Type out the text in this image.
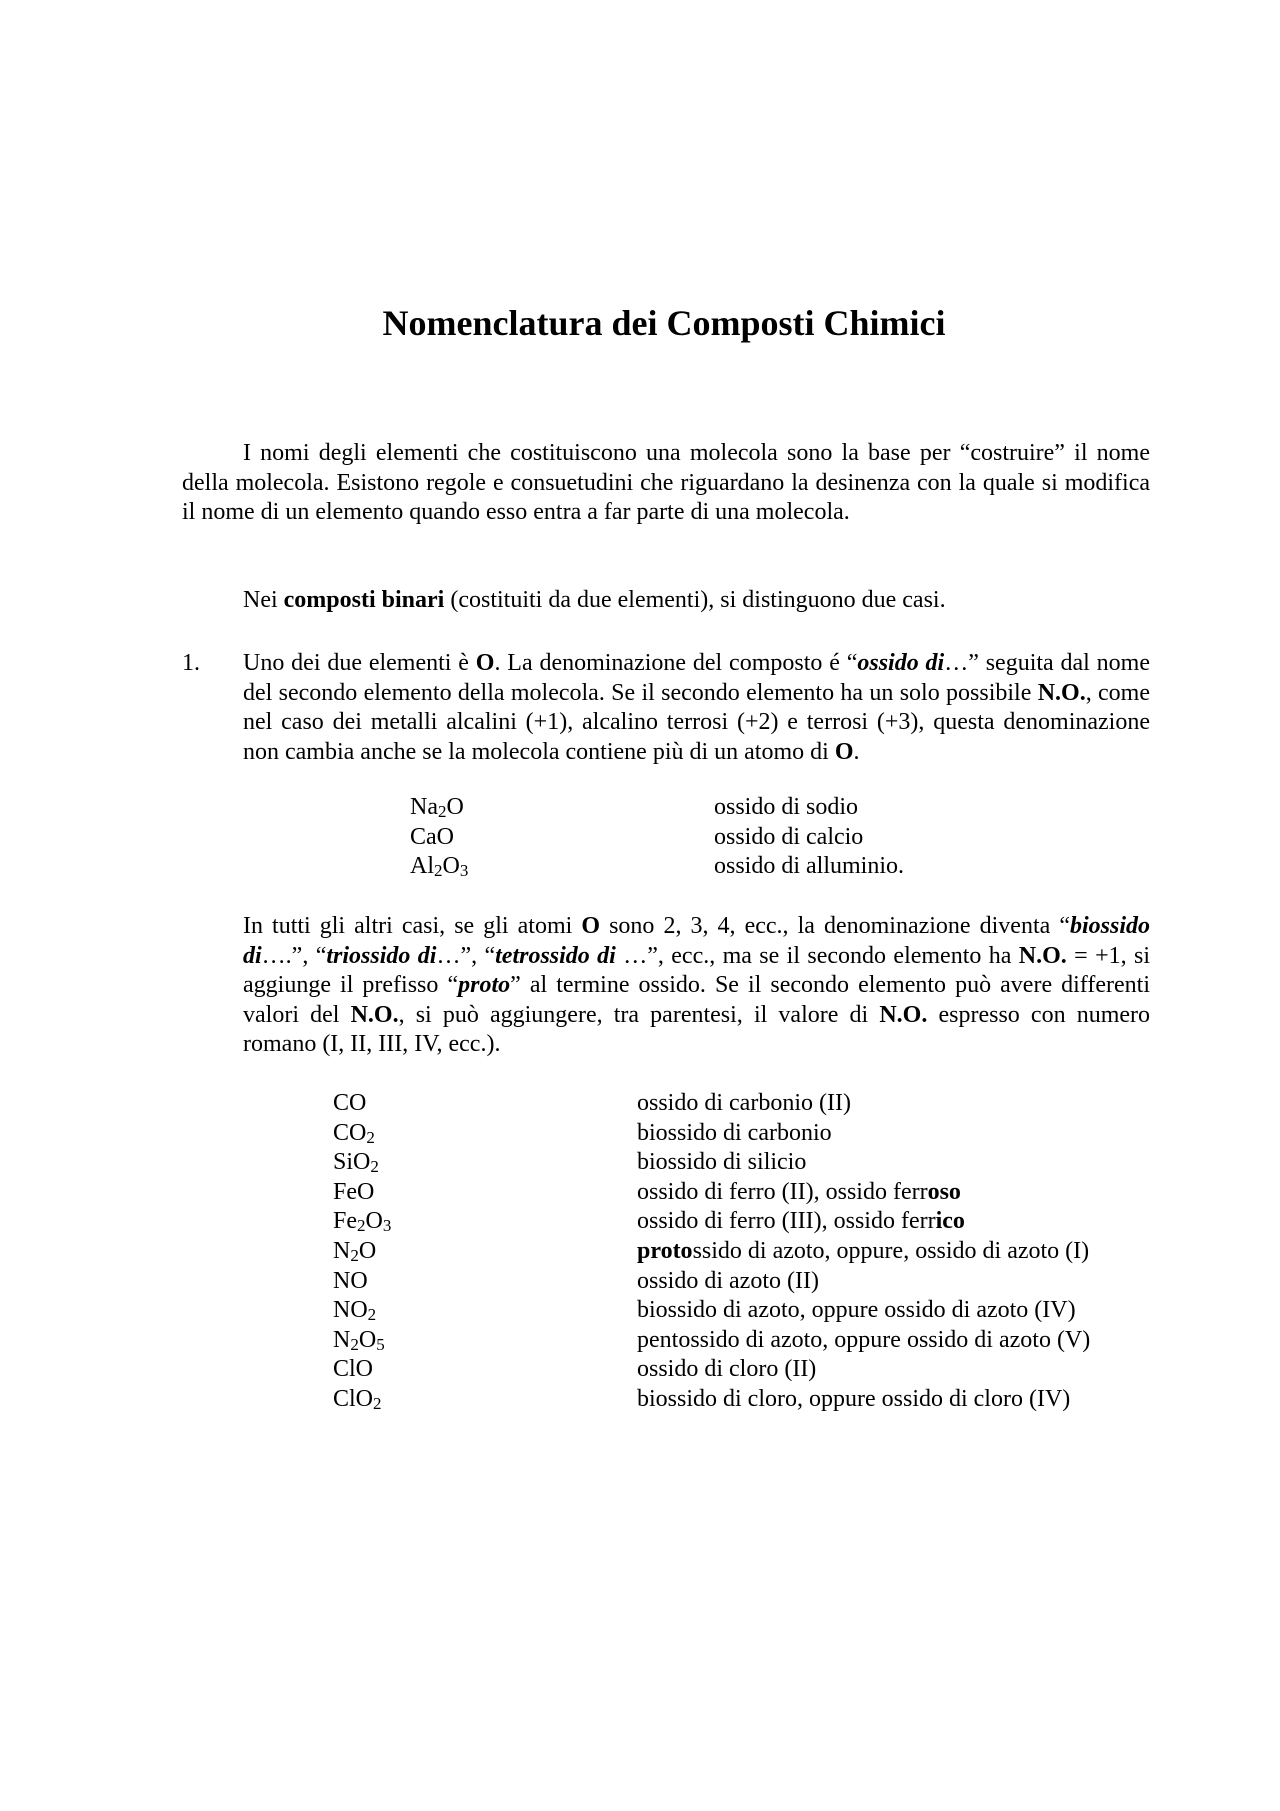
Nomenclatura dei Composti Chimici

I nomi degli elementi che costituiscono una molecola sono la base per “costruire” il nome della molecola. Esistono regole e consuetudini che riguardano la desinenza con la quale si modifica il nome di un elemento quando esso entra a far parte di una molecola.

Nei composti binari (costituiti da due elementi), si distinguono due casi.

1. Uno dei due elementi è O. La denominazione del composto é “ossido di…” seguita dal nome del secondo elemento della molecola. Se il secondo elemento ha un solo possibile N.O., come nel caso dei metalli alcalini (+1), alcalino terrosi (+2) e terrosi (+3), questa denominazione non cambia anche se la molecola contiene più di un atomo di O.

$Na_2O$	ossido di sodio
CaO	ossido di calcio
$Al_2O_3$	ossido di alluminio.

In tutti gli altri casi, se gli atomi O sono 2, 3, 4, ecc., la denominazione diventa “biossido di….”, “triossido di…”, “tetrossido di …”, ecc., ma se il secondo elemento ha N.O. = +1, si aggiunge il prefisso “proto” al termine ossido. Se il secondo elemento può avere differenti valori del N.O., si può aggiungere, tra parentesi, il valore di N.O. espresso con numero romano (I, II, III, IV, ecc.).

CO	ossido di carbonio (II)
$CO_2$	biossido di carbonio
SiO$_2$	biossido di silicio
FeO	ossido di ferro (II), ossido ferroso
$Fe_2O_3$	ossido di ferro (III), ossido ferrico
$N_2O$	protossido di azoto, oppure, ossido di azoto (I)
NO	ossido di azoto (II)
$NO_2$	biossido di azoto, oppure ossido di azoto (IV)
$N_2O_5$	pentossido di azoto, oppure ossido di azoto (V)
ClO	ossido di cloro (II)
ClO$_2$	biossido di cloro, oppure ossido di cloro (IV)
